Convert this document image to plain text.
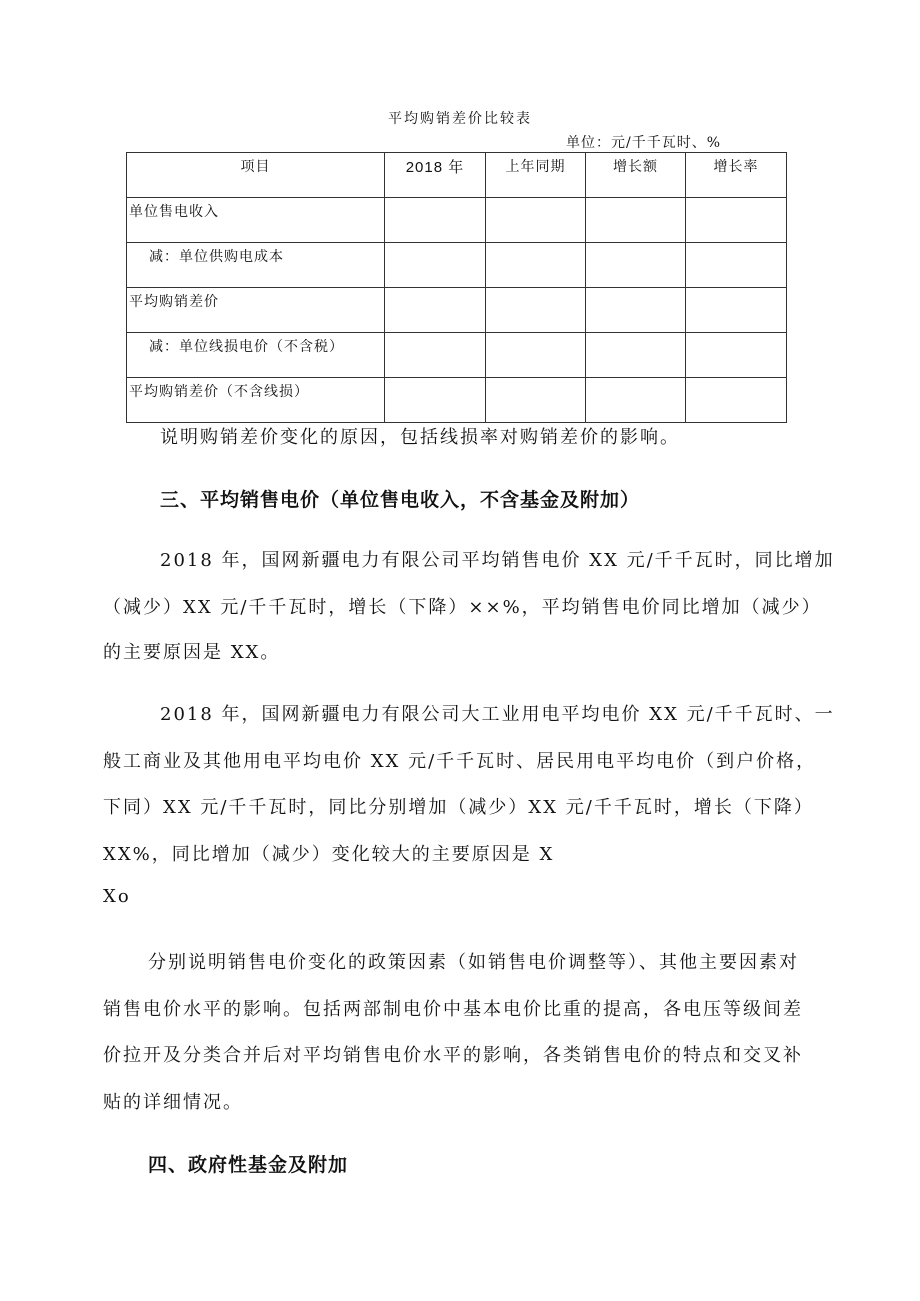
平均购销差价比较表
单位：元/千千瓦时、%
项目	2018 年	上年同期	增长额	增长率
单位售电收入				
减：单位供购电成本				
平均购销差价				
减：单位线损电价（不含税）				
平均购销差价（不含线损）				
说明购销差价变化的原因，包括线损率对购销差价的影响。
三、平均销售电价（单位售电收入，不含基金及附加）
2018 年，国网新疆电力有限公司平均销售电价 XX 元/千千瓦时，同比增加
（减少）XX 元/千千瓦时，增长（下降）××%，平均销售电价同比增加（减少）
的主要原因是 XX。
2018 年，国网新疆电力有限公司大工业用电平均电价 XX 元/千千瓦时、一
般工商业及其他用电平均电价 XX 元/千千瓦时、居民用电平均电价（到户价格，
下同）XX 元/千千瓦时，同比分别增加（减少）XX 元/千千瓦时，增长（下降）
XX%，同比增加（减少）变化较大的主要原因是 X
Xo
分别说明销售电价变化的政策因素（如销售电价调整等）、其他主要因素对
销售电价水平的影响。包括两部制电价中基本电价比重的提高，各电压等级间差
价拉开及分类合并后对平均销售电价水平的影响，各类销售电价的特点和交叉补
贴的详细情况。
四、政府性基金及附加
